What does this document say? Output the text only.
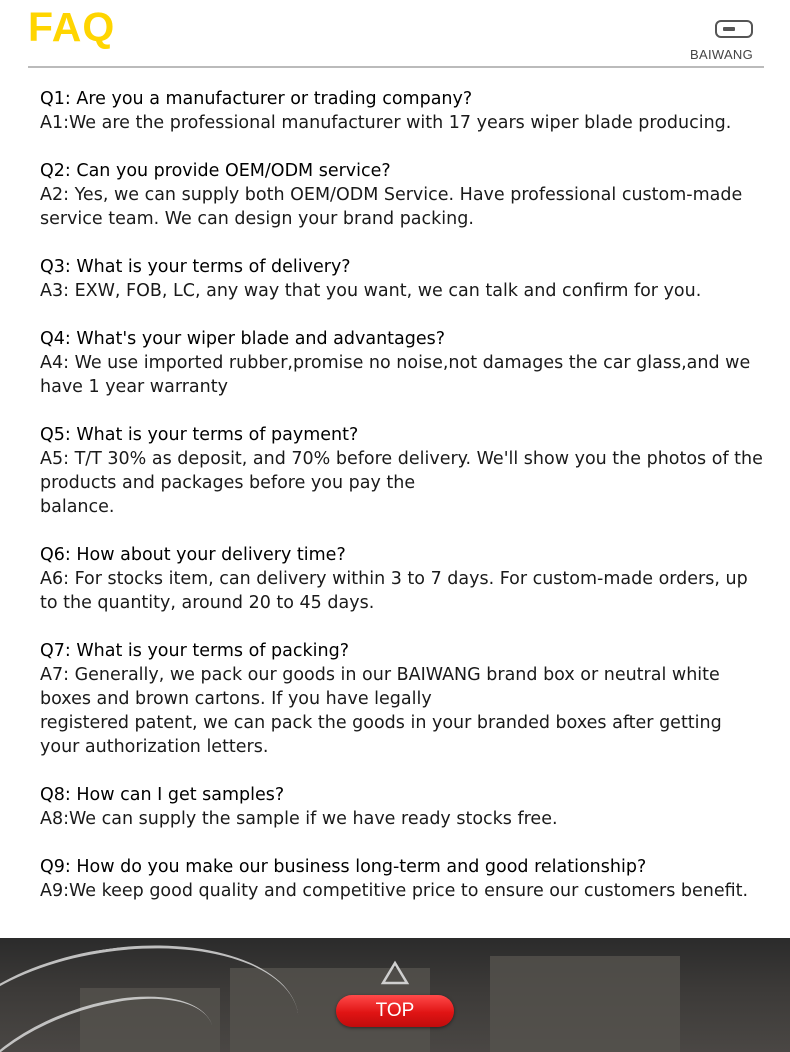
FAQ
BAIWANG
Q1: Are you a manufacturer or trading company?
A1:We are the professional manufacturer with 17 years wiper blade producing.
Q2: Can you provide OEM/ODM service?
A2: Yes, we can supply both OEM/ODM Service. Have professional custom-made
service team. We can design your brand packing.
Q3: What is your terms of delivery?
A3: EXW, FOB, LC, any way that you want, we can talk and confirm for you.
Q4: What's your wiper blade and advantages?
A4: We use imported rubber,promise no noise,not damages the car glass,and we
have 1 year warranty
Q5: What is your terms of payment?
A5: T/T 30% as deposit, and 70% before delivery. We'll show you the photos of the
products and packages before you pay the
balance.
Q6: How about your delivery time?
A6: For stocks item, can delivery within 3 to 7 days. For custom-made orders, up
to the quantity, around 20 to 45 days.
Q7: What is your terms of packing?
A7: Generally, we pack our goods in our BAIWANG brand box or neutral white
boxes and brown cartons. If you have legally
registered patent, we can pack the goods in your branded boxes after getting
your authorization letters.
Q8: How can I get samples?
A8:We can supply the sample if we have ready stocks free.
Q9: How do you make our business long-term and good relationship?
A9:We keep good quality and competitive price to ensure our customers benefit.
TOP
